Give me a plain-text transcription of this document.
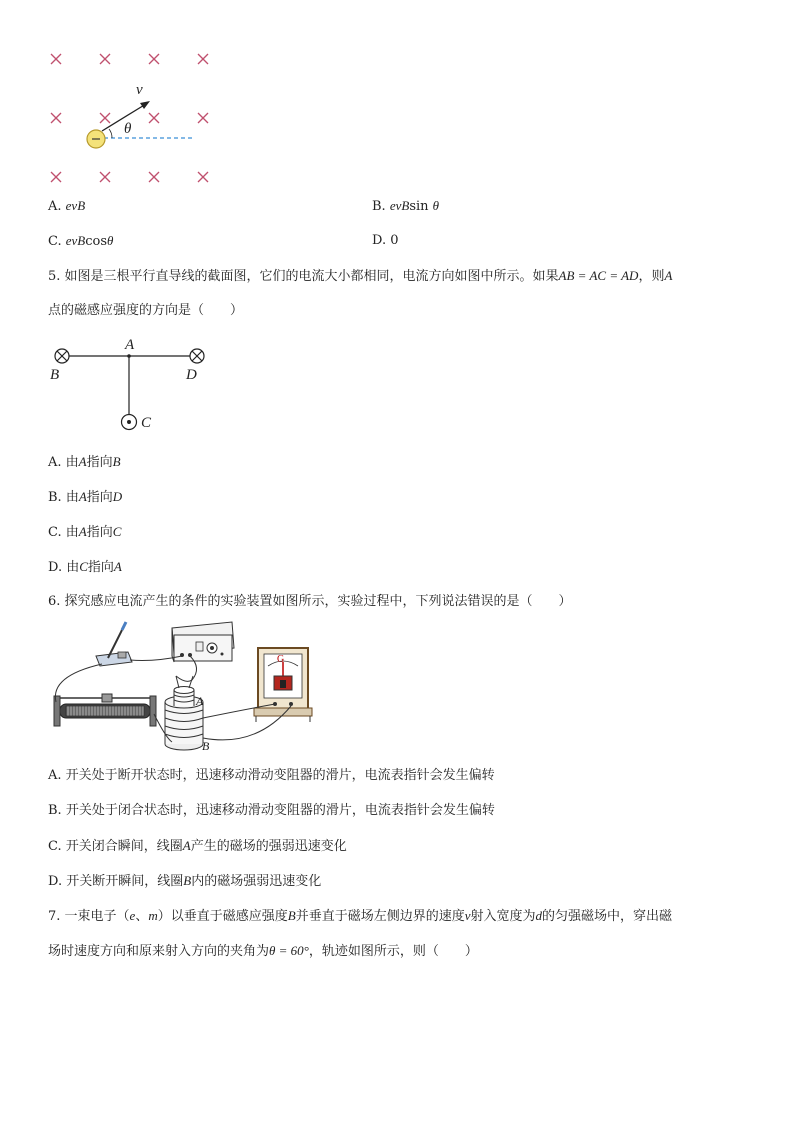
v
θ
A. evB	B. evBsin θ
C. evBcosθ	D. 0
5. 如图是三根平行直导线的截面图，它们的电流大小都相同，电流方向如图中所示。如果AB = AC = AD，则A
点的磁感应强度的方向是（　　）
A
B	D
C
A. 由A指向B
B. 由A指向D
C. 由A指向C
D. 由C指向A
6. 探究感应电流产生的条件的实验装置如图所示，实验过程中，下列说法错误的是（　　）
G
A
B
A. 开关处于断开状态时，迅速移动滑动变阻器的滑片，电流表指针会发生偏转
B. 开关处于闭合状态时，迅速移动滑动变阻器的滑片，电流表指针会发生偏转
C. 开关闭合瞬间，线圈A产生的磁场的强弱迅速变化
D. 开关断开瞬间，线圈B内的磁场强弱迅速变化
7. 一束电子（e、m）以垂直于磁感应强度B并垂直于磁场左侧边界的速度v射入宽度为d的匀强磁场中，穿出磁
场时速度方向和原来射入方向的夹角为θ = 60°，轨迹如图所示，则（　　）
